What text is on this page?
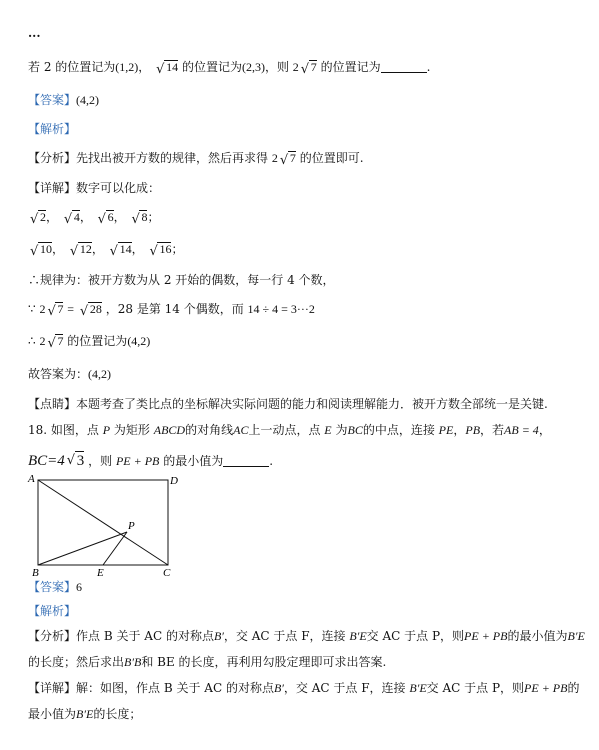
...
若 2 的位置记为(1,2)， √ 14 的位置记为(2,3)，则 2 √ 7 的位置记为	.
【答案】(4,2)
【解析】
【分析】先找出被开方数的规律，然后再求得 2 √ 7 的位置即可.
【详解】数字可以化成：
√ 2， √ 4， √ 6， √ 8；
√ 10， √ 12， √ 14， √ 16；
∴规律为：被开方数为从 2 开始的偶数，每一行 4 个数，
∵ 2 √ 7 = √ 28 ，28 是第 14 个偶数，而 14 ÷ 4 = 3···2
∴ 2 √ 7 的位置记为(4,2)
故答案为：(4,2)
【点睛】本题考查了类比点的坐标解决实际问题的能力和阅读理解能力．被开方数全部统一是关键.
18. 如图，点 P 为矩形 ABCD的对角线AC上一动点，点 E 为BC的中点，连接 PE，PB，若AB = 4，
BC=4 √ 3 ，则 PE + PB 的最小值为	.
A	D
B	E	C
P
【答案】6
【解析】
【分析】作点 B 关于 AC 的对称点B′，交 AC 于点 F，连接 B′E交 AC 于点 P，则PE + PB的最小值为B′E
的长度；然后求出B′B和 BE 的长度，再利用勾股定理即可求出答案.
【详解】解：如图，作点 B 关于 AC 的对称点B′，交 AC 于点 F，连接 B′E交 AC 于点 P，则PE + PB的
最小值为B′E的长度；
